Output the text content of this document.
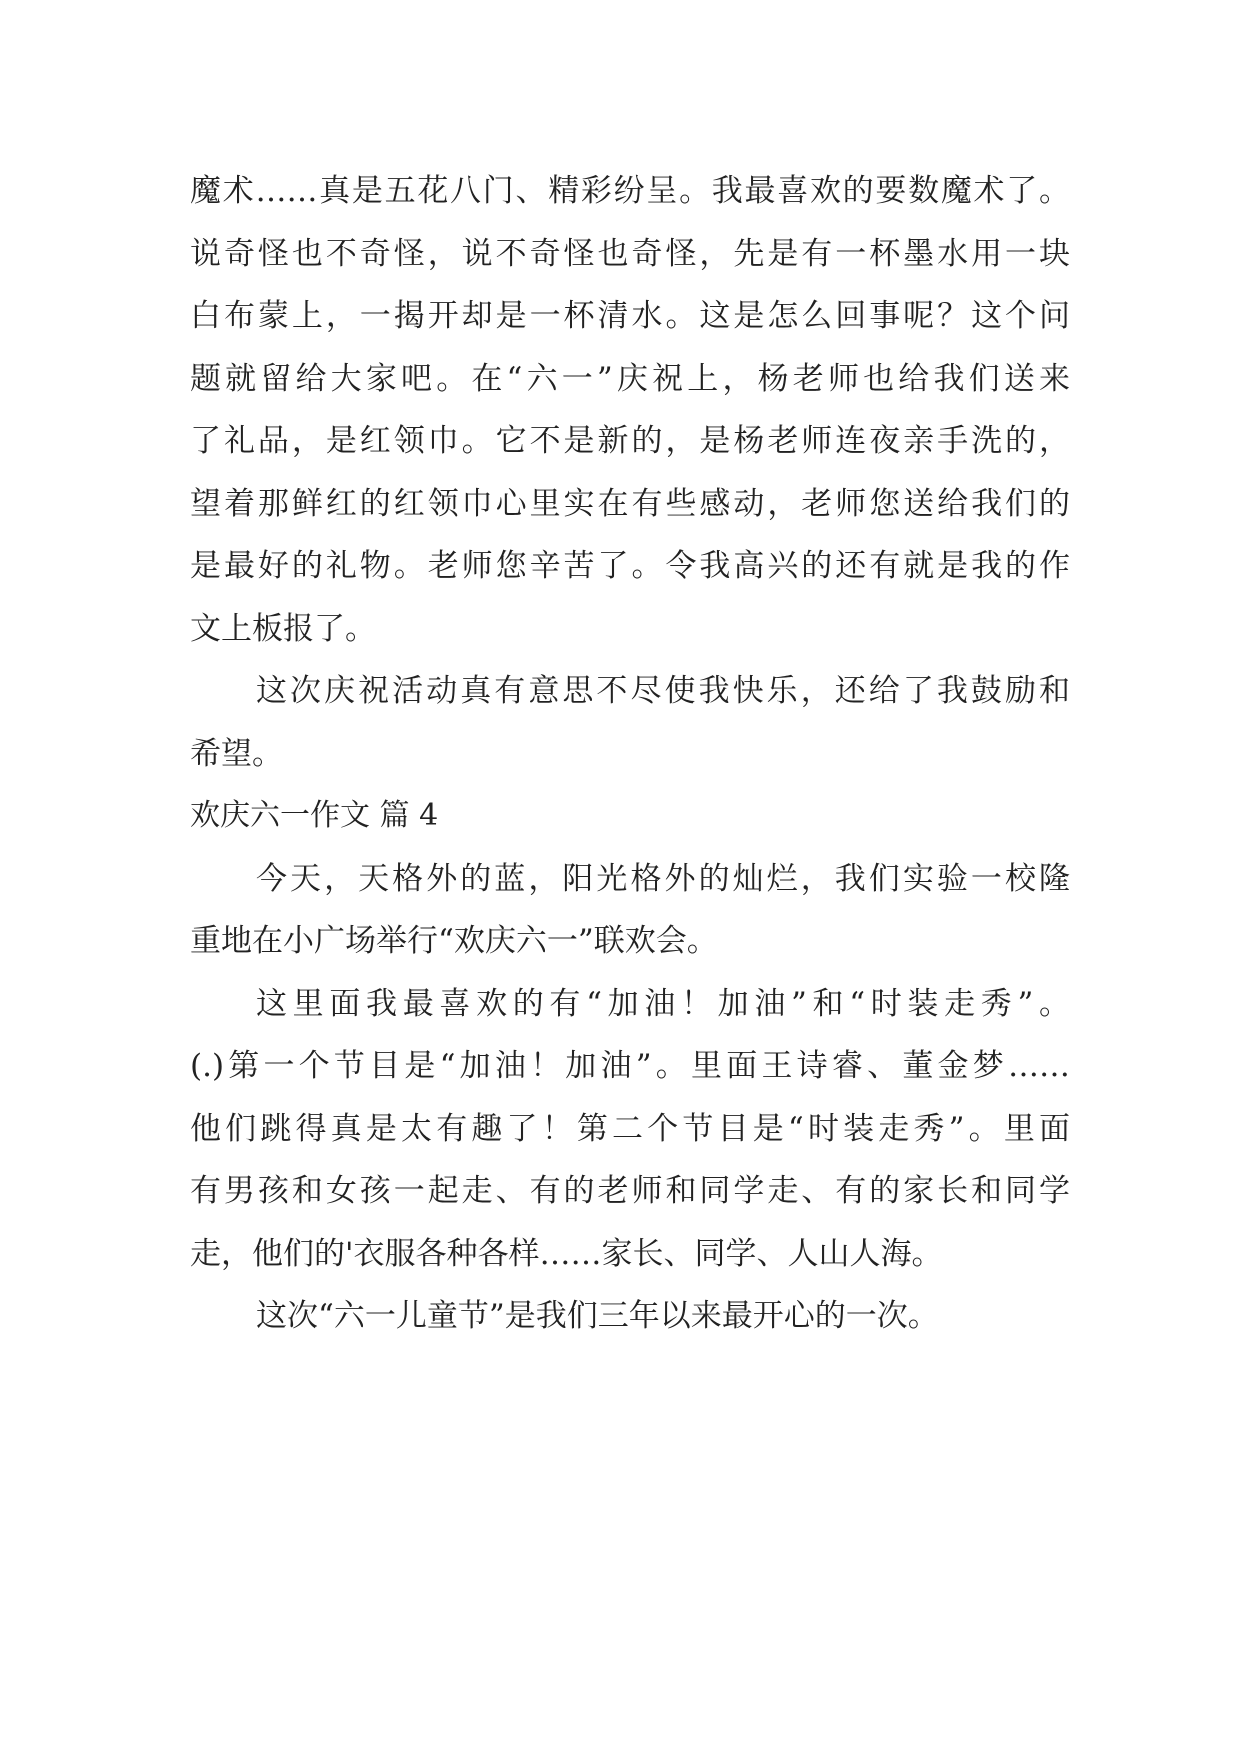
魔术……真是五花八门、精彩纷呈。我最喜欢的要数魔术了。
说奇怪也不奇怪，说不奇怪也奇怪，先是有一杯墨水用一块
白布蒙上，一揭开却是一杯清水。这是怎么回事呢？这个问
题就留给大家吧。在“六一”庆祝上，杨老师也给我们送来
了礼品，是红领巾。它不是新的，是杨老师连夜亲手洗的，
望着那鲜红的红领巾心里实在有些感动，老师您送给我们的
是最好的礼物。老师您辛苦了。令我高兴的还有就是我的作
文上板报了。
这次庆祝活动真有意思不尽使我快乐，还给了我鼓励和
希望。
欢庆六一作文 篇 4
今天，天格外的蓝，阳光格外的灿烂，我们实验一校隆
重地在小广场举行“欢庆六一”联欢会。
这里面我最喜欢的有“加油！加油”和“时装走秀”。
(.)第一个节目是“加油！加油”。里面王诗睿、董金梦……
他们跳得真是太有趣了！第二个节目是“时装走秀”。里面
有男孩和女孩一起走、有的老师和同学走、有的家长和同学
走，他们的'衣服各种各样……家长、同学、人山人海。
这次“六一儿童节”是我们三年以来最开心的一次。
